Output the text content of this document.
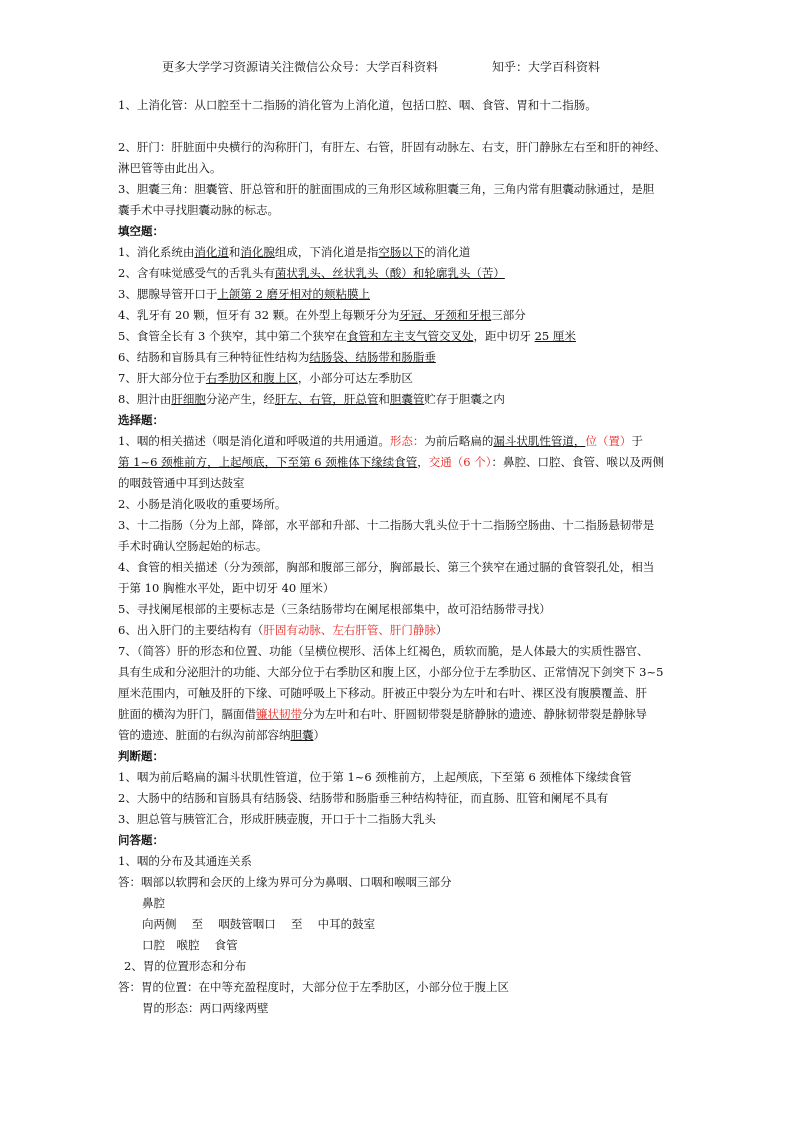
更多大学学习资源请关注微信公众号：大学百科资料	知乎：大学百科资料
1、上消化管：从口腔至十二指肠的消化管为上消化道，包括口腔、咽、食管、胃和十二指肠。
2、肝门：肝脏面中央横行的沟称肝门，有肝左、右管，肝固有动脉左、右支，肝门静脉左右至和肝的神经、
淋巴管等由此出入。
3、胆囊三角：胆囊管、肝总管和肝的脏面围成的三角形区域称胆囊三角，三角内常有胆囊动脉通过，是胆
囊手术中寻找胆囊动脉的标志。
填空题：
1、消化系统由消化道和消化腺组成，下消化道是指空肠以下的消化道
2、含有味觉感受气的舌乳头有菌状乳头、丝状乳头（酸）和轮廓乳头（苦）
3、腮腺导管开口于上颌第 2 磨牙相对的颊粘膜上
4、乳牙有 20 颗，恒牙有 32 颗。在外型上每颗牙分为牙冠、牙颈和牙根三部分
5、食管全长有 3 个狭窄，其中第二个狭窄在食管和左主支气管交叉处，距中切牙 25 厘米
6、结肠和盲肠具有三种特征性结构为结肠袋、结肠带和肠脂垂
7、肝大部分位于右季肋区和腹上区，小部分可达左季肋区
8、胆汁由肝细胞分泌产生，经肝左、右管，肝总管和胆囊管贮存于胆囊之内
选择题：
1、咽的相关描述（咽是消化道和呼吸道的共用通道。形态：为前后略扁的漏斗状肌性管道，位（置）于
第 1~6 颈椎前方，上起颅底，下至第 6 颈椎体下缘续食管，交通（6 个）：鼻腔、口腔、食管、喉以及两侧
的咽鼓管通中耳到达鼓室
2、小肠是消化吸收的重要场所。
3、十二指肠（分为上部，降部，水平部和升部、十二指肠大乳头位于十二指肠空肠曲、十二指肠悬韧带是
手术时确认空肠起始的标志。
4、食管的相关描述（分为颈部，胸部和腹部三部分，胸部最长、第三个狭窄在通过膈的食管裂孔处，相当
于第 10 胸椎水平处，距中切牙 40 厘米）
5、寻找阑尾根部的主要标志是（三条结肠带均在阑尾根部集中，故可沿结肠带寻找）
6、出入肝门的主要结构有（肝固有动脉、左右肝管、肝门静脉）
7、（简答）肝的形态和位置、功能（呈横位楔形、活体上红褐色，质软而脆，是人体最大的实质性器官、
具有生成和分泌胆汁的功能、大部分位于右季肋区和腹上区，小部分位于左季肋区、正常情况下剑突下 3~5
厘米范围内，可触及肝的下缘、可随呼吸上下移动。肝被正中裂分为左叶和右叶、裸区没有腹膜覆盖、肝
脏面的横沟为肝门，膈面借镰状韧带分为左叶和右叶、肝圆韧带裂是脐静脉的遗迹、静脉韧带裂是静脉导
管的遗迹、脏面的右纵沟前部容纳胆囊）
判断题：
1、咽为前后略扁的漏斗状肌性管道，位于第 1~6 颈椎前方，上起颅底，下至第 6 颈椎体下缘续食管
2、大肠中的结肠和盲肠具有结肠袋、结肠带和肠脂垂三种结构特征，而直肠、肛管和阑尾不具有
3、胆总管与胰管汇合，形成肝胰壶腹，开口于十二指肠大乳头
问答题：
1、咽的分布及其通连关系
答：咽部以软腭和会厌的上缘为界可分为鼻咽、口咽和喉咽三部分
鼻腔
向两侧　 至　 咽鼓管咽口　 至　 中耳的鼓室
口腔　喉腔　 食管
2、胃的位置形态和分布
答：胃的位置：在中等充盈程度时，大部分位于左季肋区，小部分位于腹上区
胃的形态：两口两缘两壁
